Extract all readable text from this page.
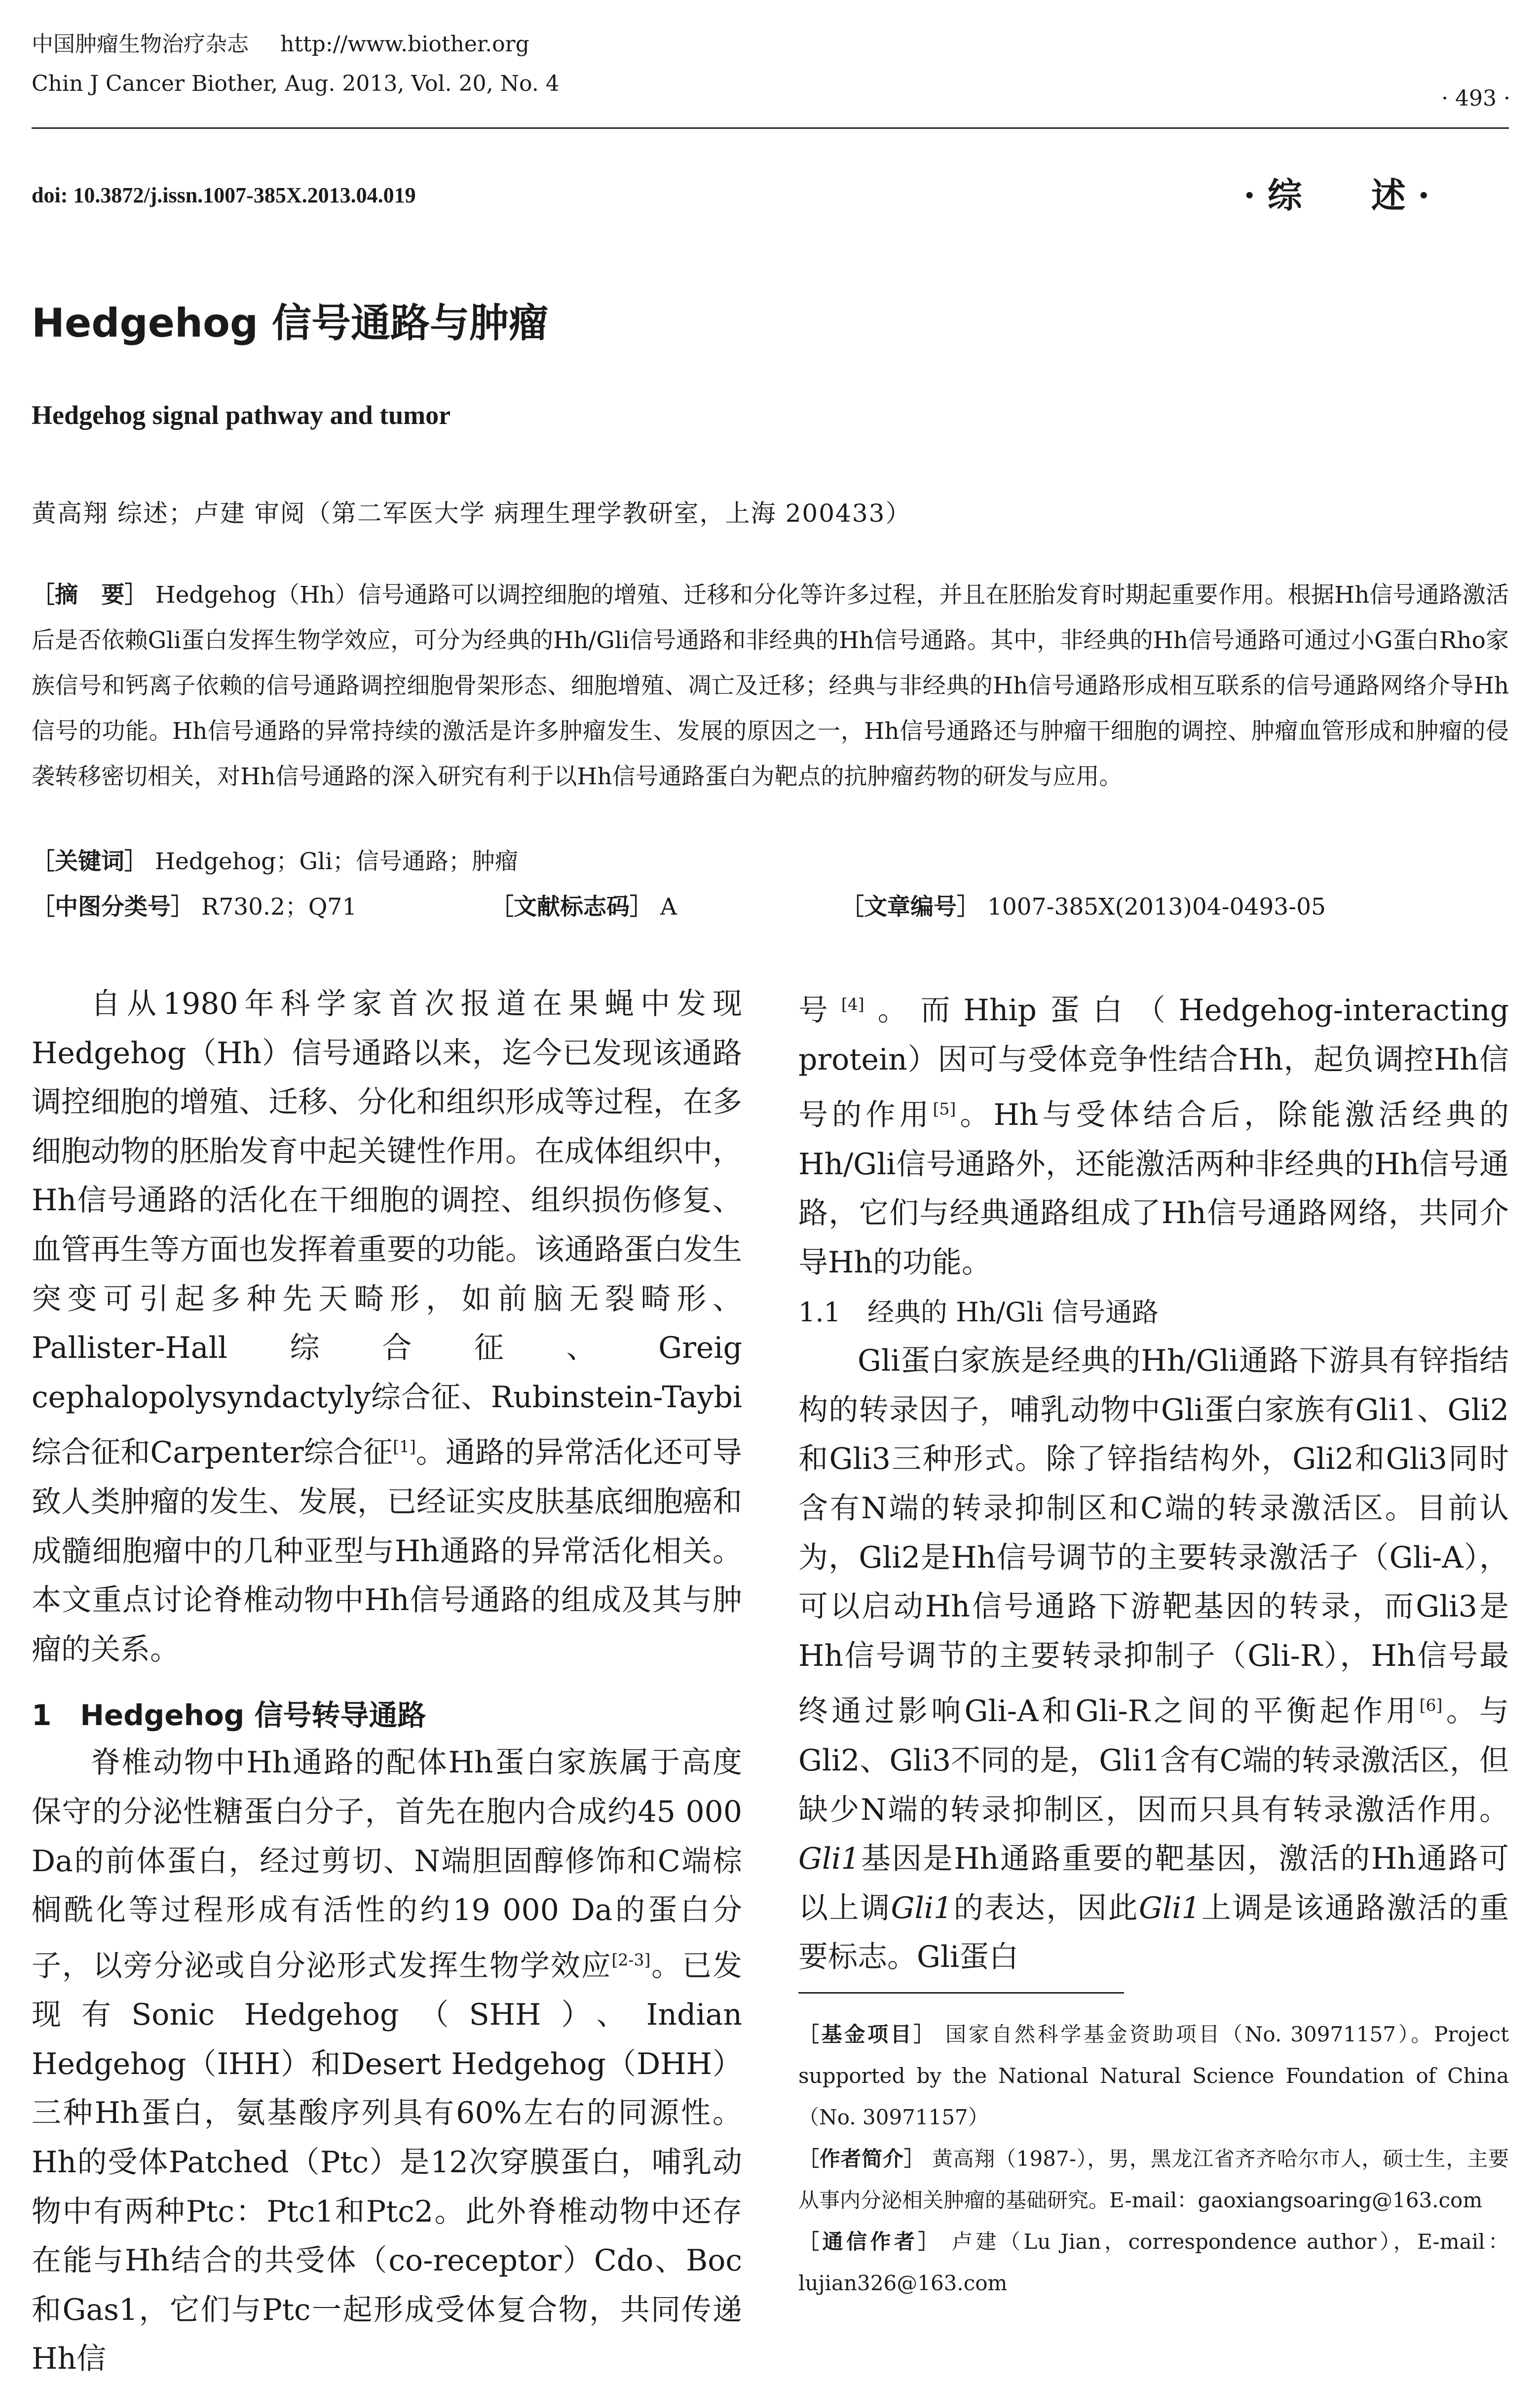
中国肿瘤生物治疗杂志 http://www.biother.org
Chin J Cancer Biother, Aug. 2013, Vol. 20, No. 4
· 493 ·
doi: 10.3872/j.issn.1007-385X.2013.04.019	· 综　　述 ·
Hedgehog 信号通路与肿瘤
Hedgehog signal pathway and tumor
黄高翔 综述；卢建 审阅（第二军医大学 病理生理学教研室，上海 200433）
［摘　要］ Hedgehog（Hh）信号通路可以调控细胞的增殖、迁移和分化等许多过程，并且在胚胎发育时期起重要作用。根据Hh信号通路激活后是否依赖Gli蛋白发挥生物学效应，可分为经典的Hh/Gli信号通路和非经典的Hh信号通路。其中，非经典的Hh信号通路可通过小G蛋白Rho家族信号和钙离子依赖的信号通路调控细胞骨架形态、细胞增殖、凋亡及迁移；经典与非经典的Hh信号通路形成相互联系的信号通路网络介导Hh信号的功能。Hh信号通路的异常持续的激活是许多肿瘤发生、发展的原因之一，Hh信号通路还与肿瘤干细胞的调控、肿瘤血管形成和肿瘤的侵袭转移密切相关，对Hh信号通路的深入研究有利于以Hh信号通路蛋白为靶点的抗肿瘤药物的研发与应用。
［关键词］ Hedgehog；Gli；信号通路；肿瘤
［中图分类号］ R730.2；Q71	［文献标志码］ A	［文章编号］ 1007-385X(2013)04-0493-05

自从1980年科学家首次报道在果蝇中发现Hedgehog（Hh）信号通路以来，迄今已发现该通路调控细胞的增殖、迁移、分化和组织形成等过程，在多细胞动物的胚胎发育中起关键性作用。在成体组织中，Hh信号通路的活化在干细胞的调控、组织损伤修复、血管再生等方面也发挥着重要的功能。该通路蛋白发生突变可引起多种先天畸形，如前脑无裂畸形、Pallister-Hall综合征、Greig cephalopolysyndactyly综合征、Rubinstein-Taybi综合征和Carpenter综合征[1]。通路的异常活化还可导致人类肿瘤的发生、发展，已经证实皮肤基底细胞癌和成髓细胞瘤中的几种亚型与Hh通路的异常活化相关。本文重点讨论脊椎动物中Hh信号通路的组成及其与肿瘤的关系。

1　Hedgehog 信号转导通路

脊椎动物中Hh通路的配体Hh蛋白家族属于高度保守的分泌性糖蛋白分子，首先在胞内合成约45 000 Da的前体蛋白，经过剪切、N端胆固醇修饰和C端棕榈酰化等过程形成有活性的约19 000 Da的蛋白分子，以旁分泌或自分泌形式发挥生物学效应[2-3]。已发现有Sonic Hedgehog（SHH）、Indian Hedgehog（IHH）和Desert Hedgehog（DHH）三种Hh蛋白，氨基酸序列具有60%左右的同源性。Hh的受体Patched（Ptc）是12次穿膜蛋白，哺乳动物中有两种Ptc：Ptc1和Ptc2。此外脊椎动物中还存在能与Hh结合的共受体（co-receptor）Cdo、Boc和Gas1，它们与Ptc一起形成受体复合物，共同传递Hh信

号[4]。而Hhip蛋白（Hedgehog-interacting protein）因可与受体竞争性结合Hh，起负调控Hh信号的作用[5]。Hh与受体结合后，除能激活经典的Hh/Gli信号通路外，还能激活两种非经典的Hh信号通路，它们与经典通路组成了Hh信号通路网络，共同介导Hh的功能。

1.1　经典的 Hh/Gli 信号通路

Gli蛋白家族是经典的Hh/Gli通路下游具有锌指结构的转录因子，哺乳动物中Gli蛋白家族有Gli1、Gli2和Gli3三种形式。除了锌指结构外，Gli2和Gli3同时含有N端的转录抑制区和C端的转录激活区。目前认为，Gli2是Hh信号调节的主要转录激活子（Gli-A），可以启动Hh信号通路下游靶基因的转录，而Gli3是Hh信号调节的主要转录抑制子（Gli-R），Hh信号最终通过影响Gli-A和Gli-R之间的平衡起作用[6]。与Gli2、Gli3不同的是，Gli1含有C端的转录激活区，但缺少N端的转录抑制区，因而只具有转录激活作用。Gli1基因是Hh通路重要的靶基因，激活的Hh通路可以上调Gli1的表达，因此Gli1上调是该通路激活的重要标志。Gli蛋白

［基金项目］ 国家自然科学基金资助项目（No. 30971157）。Project supported by the National Natural Science Foundation of China（No. 30971157）

［作者简介］ 黄高翔（1987-），男，黑龙江省齐齐哈尔市人，硕士生，主要从事内分泌相关肿瘤的基础研究。E-mail：gaoxiangsoaring@163.com

［通信作者］ 卢建（Lu Jian，correspondence author），E-mail：lujian326@163.com
